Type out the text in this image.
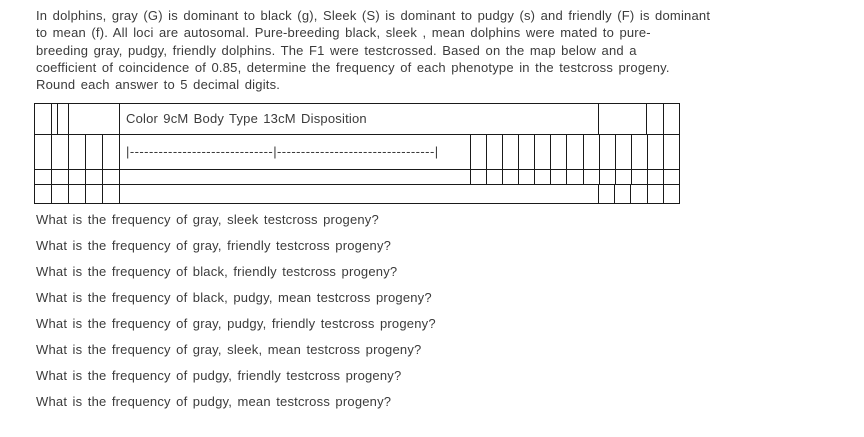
In dolphins, gray (G) is dominant to black (g), Sleek (S) is dominant to pudgy (s) and friendly (F) is dominant
to mean (f). All loci are autosomal. Pure-breeding black, sleek , mean dolphins were mated to pure-
breeding gray, pudgy, friendly dolphins. The F1 were testcrossed. Based on the map below and a
coefficient of coincidence of 0.85, determine the frequency of each phenotype in the testcross progeny.
Round each answer to 5 decimal digits.
Color 9cM Body Type 13cM Disposition
|------------------------------|---------------------------------|
What is the frequency of gray, sleek testcross progeny?
What is the frequency of gray, friendly testcross progeny?
What is the frequency of black, friendly testcross progeny?
What is the frequency of black, pudgy, mean testcross progeny?
What is the frequency of gray, pudgy, friendly testcross progeny?
What is the frequency of gray, sleek, mean testcross progeny?
What is the frequency of pudgy, friendly testcross progeny?
What is the frequency of pudgy, mean testcross progeny?
